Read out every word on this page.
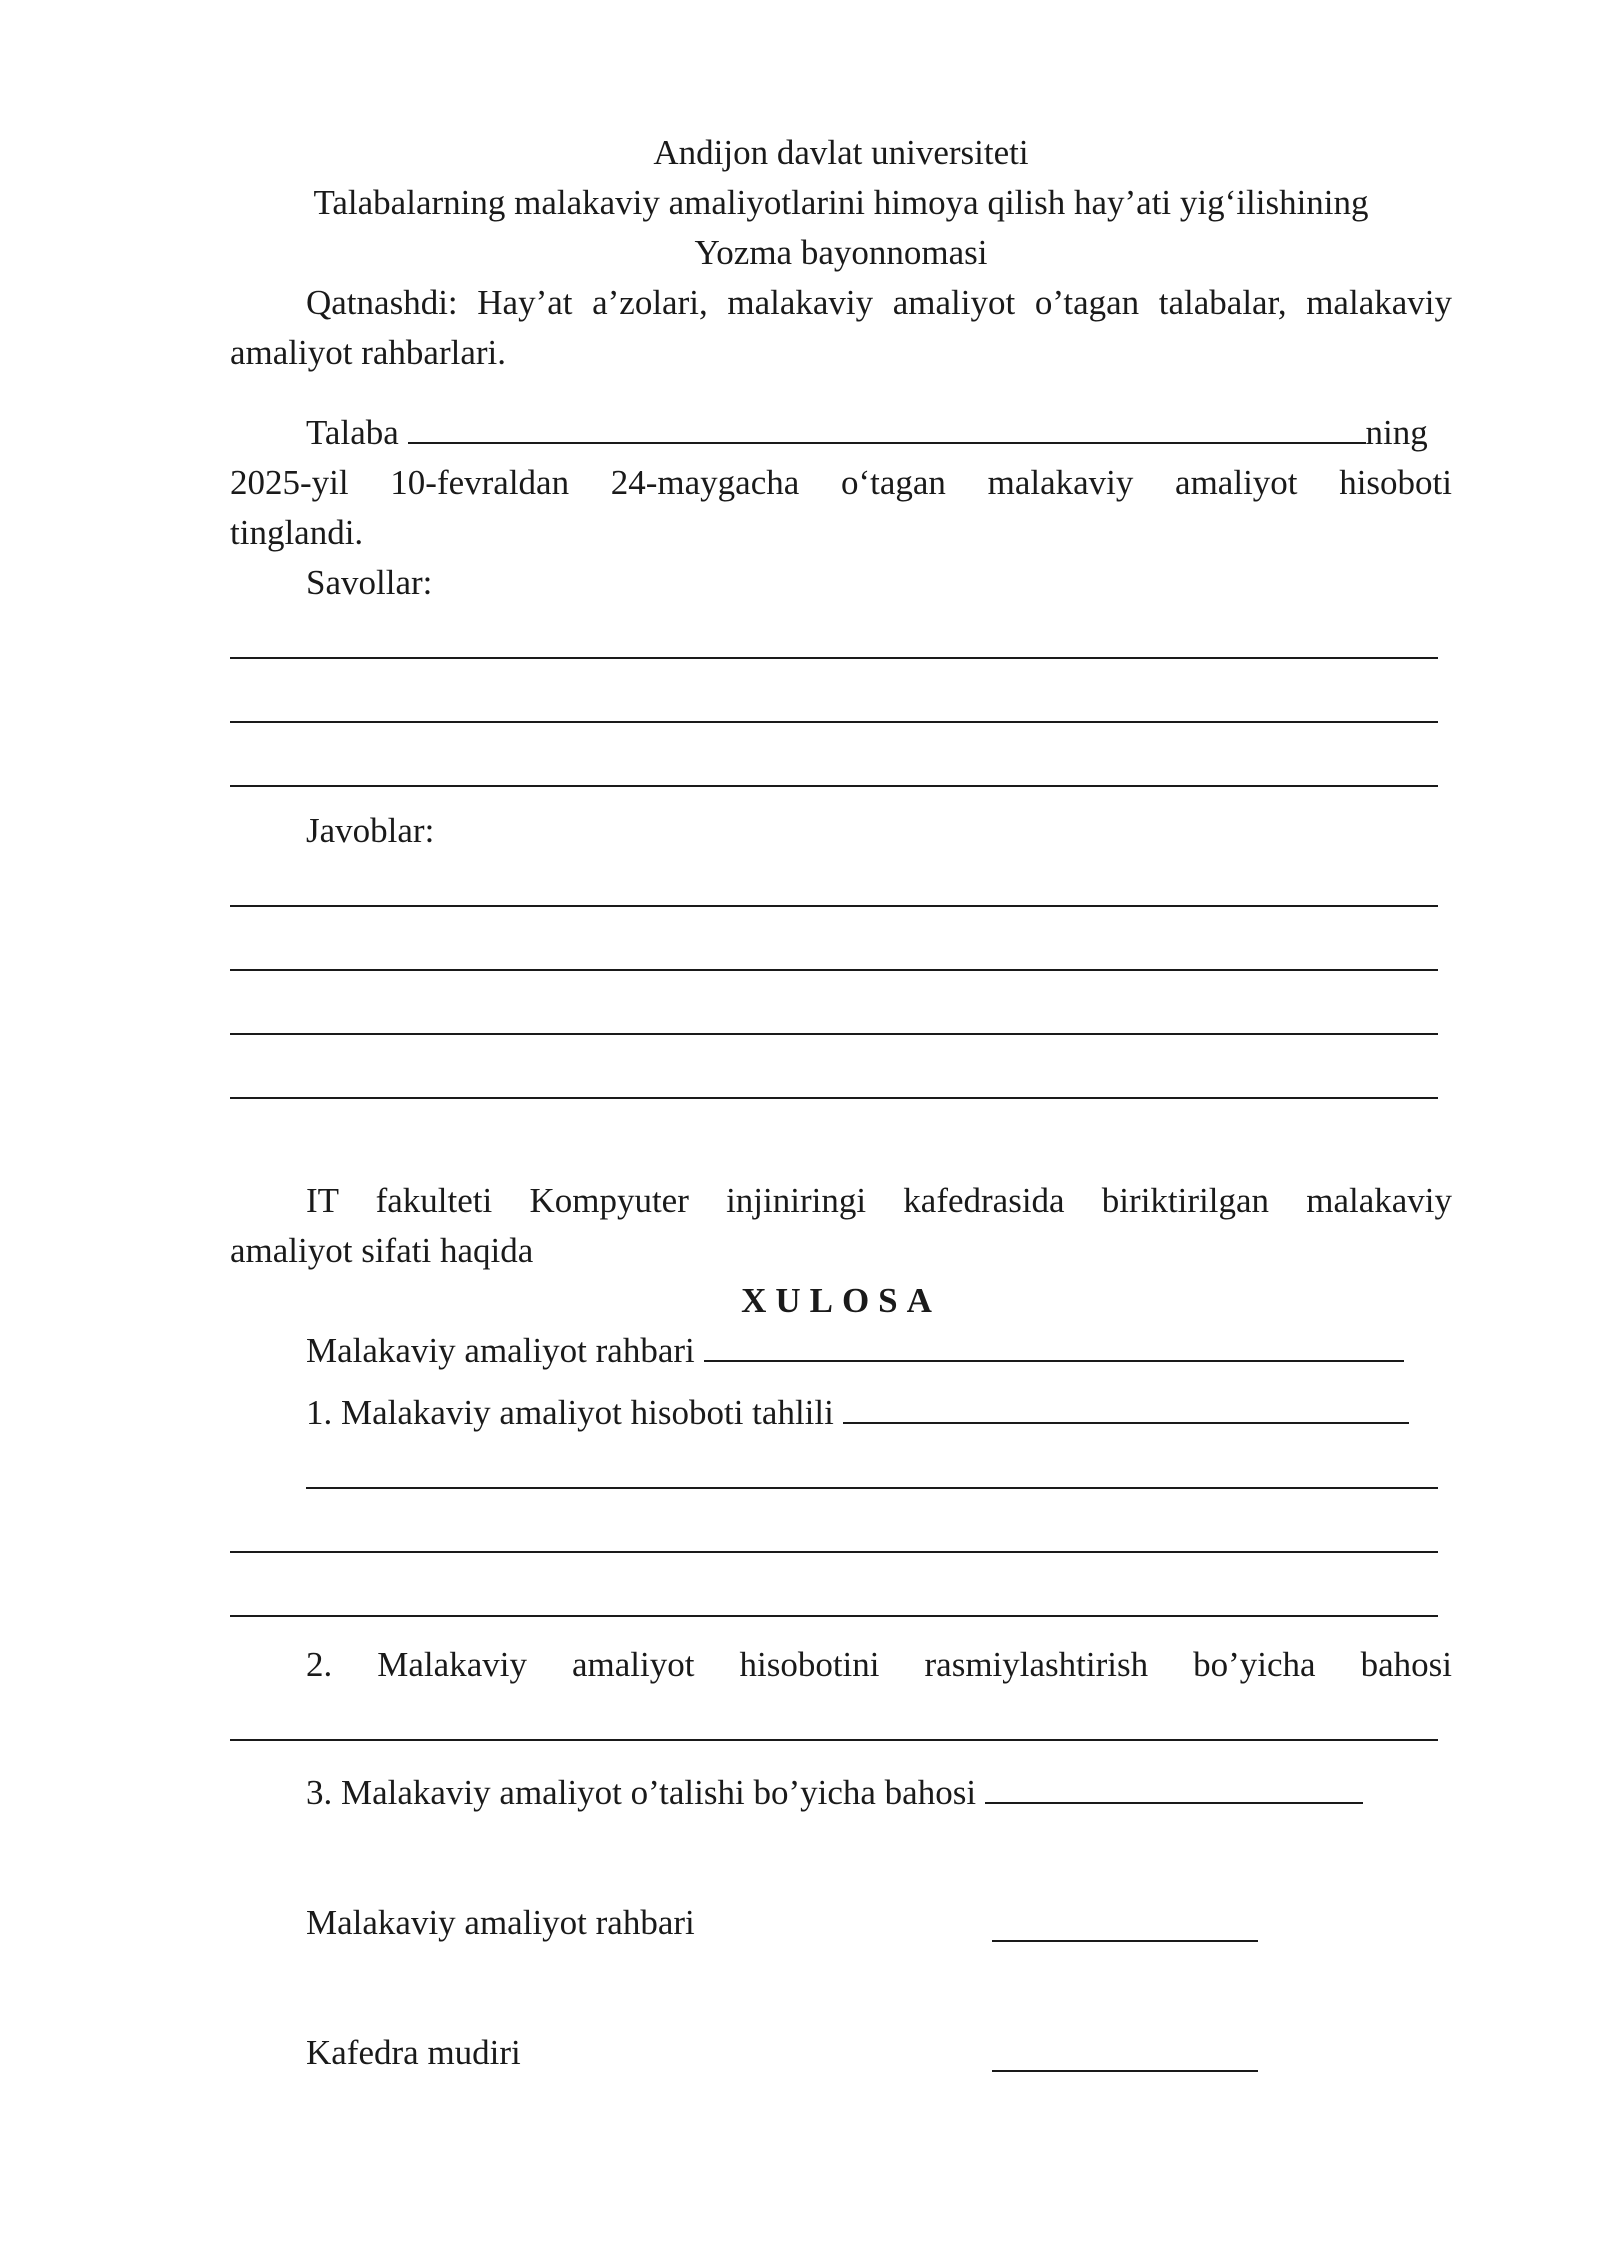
Andijon davlat universiteti

Talabalarning malakaviy amaliyotlarini himoya qilish hay’ati yig‘ilishining

Yozma bayonnomasi

Qatnashdi: Hay’at a’zolari, malakaviy amaliyot o’tagan talabalar, malakaviy amaliyot rahbarlari.

Talaba	ning

2025-yil 10-fevraldan 24-maygacha o‘tagan malakaviy amaliyot hisoboti

tinglandi.

Savollar:

Javoblar:

IT fakulteti Kompyuter injiniringi kafedrasida biriktirilgan malakaviy

amaliyot sifati haqida

XULOSA

Malakaviy amaliyot rahbari

1. Malakaviy amaliyot hisoboti tahlili

2. Malakaviy amaliyot hisobotini rasmiylashtirish bo’yicha bahosi

3. Malakaviy amaliyot o’talishi bo’yicha bahosi

Malakaviy amaliyot rahbari
Kafedra mudiri
